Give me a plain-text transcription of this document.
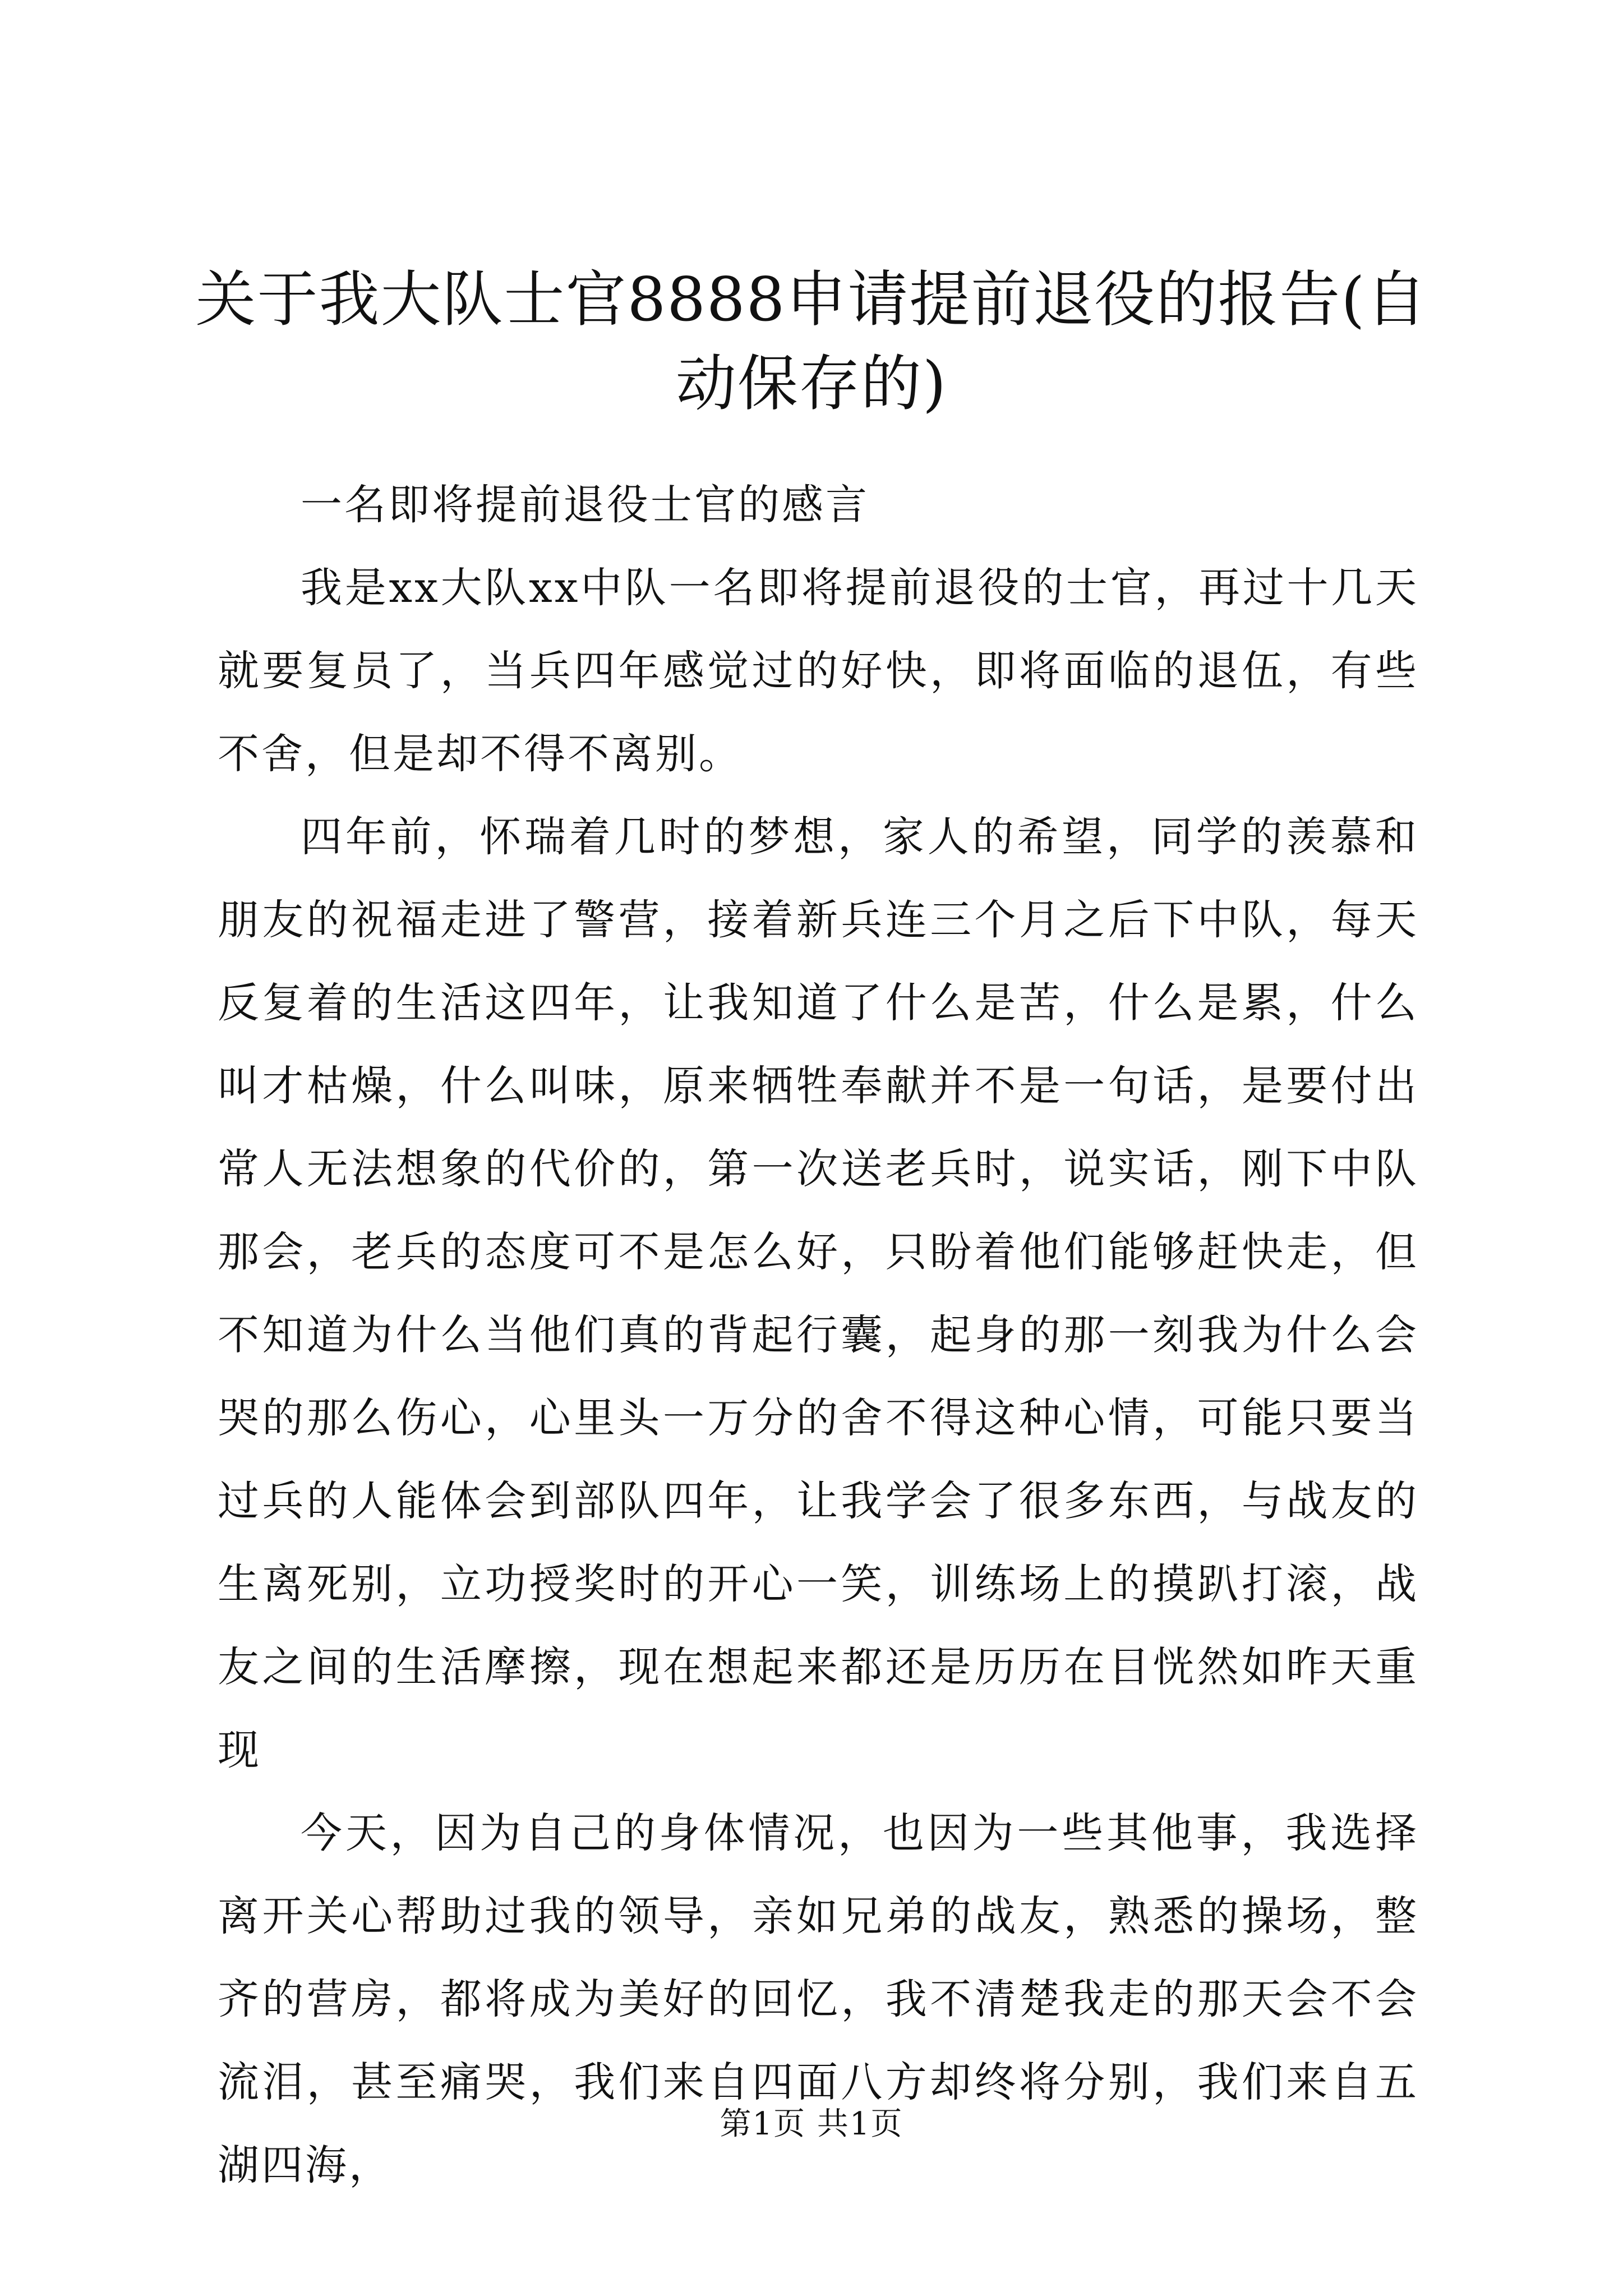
关于我大队士官8888申请提前退役的报告(自动保存的)

一名即将提前退役士官的感言

我是xx大队xx中队一名即将提前退役的士官，再过十几天就要复员了，当兵四年感觉过的好快，即将面临的退伍，有些不舍，但是却不得不离别。

四年前，怀瑞着几时的梦想，家人的希望，同学的羡慕和朋友的祝福走进了警营，接着新兵连三个月之后下中队，每天反复着的生活这四年，让我知道了什么是苦，什么是累，什么叫才枯燥，什么叫味，原来牺牲奉献并不是一句话，是要付出常人无法想象的代价的，第一次送老兵时，说实话，刚下中队那会，老兵的态度可不是怎么好，只盼着他们能够赶快走，但不知道为什么当他们真的背起行囊，起身的那一刻我为什么会哭的那么伤心，心里头一万分的舍不得这种心情，可能只要当过兵的人能体会到部队四年，让我学会了很多东西，与战友的生离死别，立功授奖时的开心一笑，训练场上的摸趴打滚，战友之间的生活摩擦，现在想起来都还是历历在目恍然如昨天重现

今天，因为自己的身体情况，也因为一些其他事，我选择离开关心帮助过我的领导，亲如兄弟的战友，熟悉的操场，整齐的营房，都将成为美好的回忆，我不清楚我走的那天会不会流泪，甚至痛哭，我们来自四面八方却终将分别，我们来自五湖四海，

第1页 共1页
